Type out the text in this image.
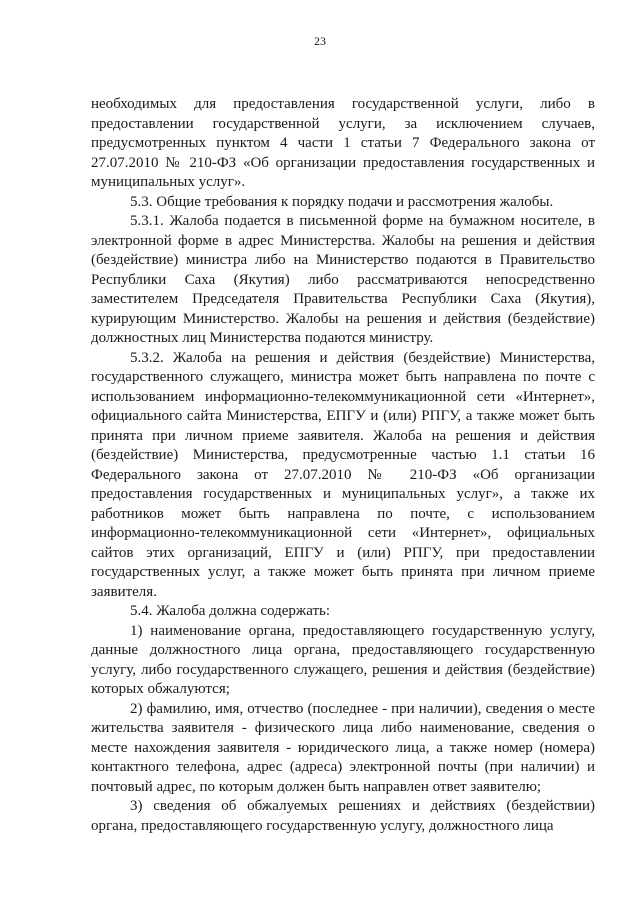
23

необходимых для предоставления государственной услуги, либо в предоставлении государственной услуги, за исключением случаев, предусмотренных пунктом 4 части 1 статьи 7 Федерального закона от 27.07.2010 № 210-ФЗ «Об организации предоставления государственных и муниципальных услуг».

5.3. Общие требования к порядку подачи и рассмотрения жалобы.

5.3.1. Жалоба подается в письменной форме на бумажном носителе, в электронной форме в адрес Министерства. Жалобы на решения и действия (бездействие) министра либо на Министерство подаются в Правительство Республики Саха (Якутия) либо рассматриваются непосредственно заместителем Председателя Правительства Республики Саха (Якутия), курирующим Министерство. Жалобы на решения и действия (бездействие) должностных лиц Министерства подаются министру.

5.3.2. Жалоба на решения и действия (бездействие) Министерства, государственного служащего, министра может быть направлена по почте с использованием информационно-телекоммуникационной сети «Интернет», официального сайта Министерства, ЕПГУ и (или) РПГУ, а также может быть принята при личном приеме заявителя. Жалоба на решения и действия (бездействие) Министерства, предусмотренные частью 1.1 статьи 16 Федерального закона от 27.07.2010 № 210-ФЗ «Об организации предоставления государственных и муниципальных услуг», а также их работников может быть направлена по почте, с использованием информационно-телекоммуникационной сети «Интернет», официальных сайтов этих организаций, ЕПГУ и (или) РПГУ, при предоставлении государственных услуг, а также может быть принята при личном приеме заявителя.

5.4. Жалоба должна содержать:

1) наименование органа, предоставляющего государственную услугу, данные должностного лица органа, предоставляющего государственную услугу, либо государственного служащего, решения и действия (бездействие) которых обжалуются;

2) фамилию, имя, отчество (последнее - при наличии), сведения о месте жительства заявителя - физического лица либо наименование, сведения о месте нахождения заявителя - юридического лица, а также номер (номера) контактного телефона, адрес (адреса) электронной почты (при наличии) и почтовый адрес, по которым должен быть направлен ответ заявителю;

3) сведения об обжалуемых решениях и действиях (бездействии) органа, предоставляющего государственную услугу, должностного лица
